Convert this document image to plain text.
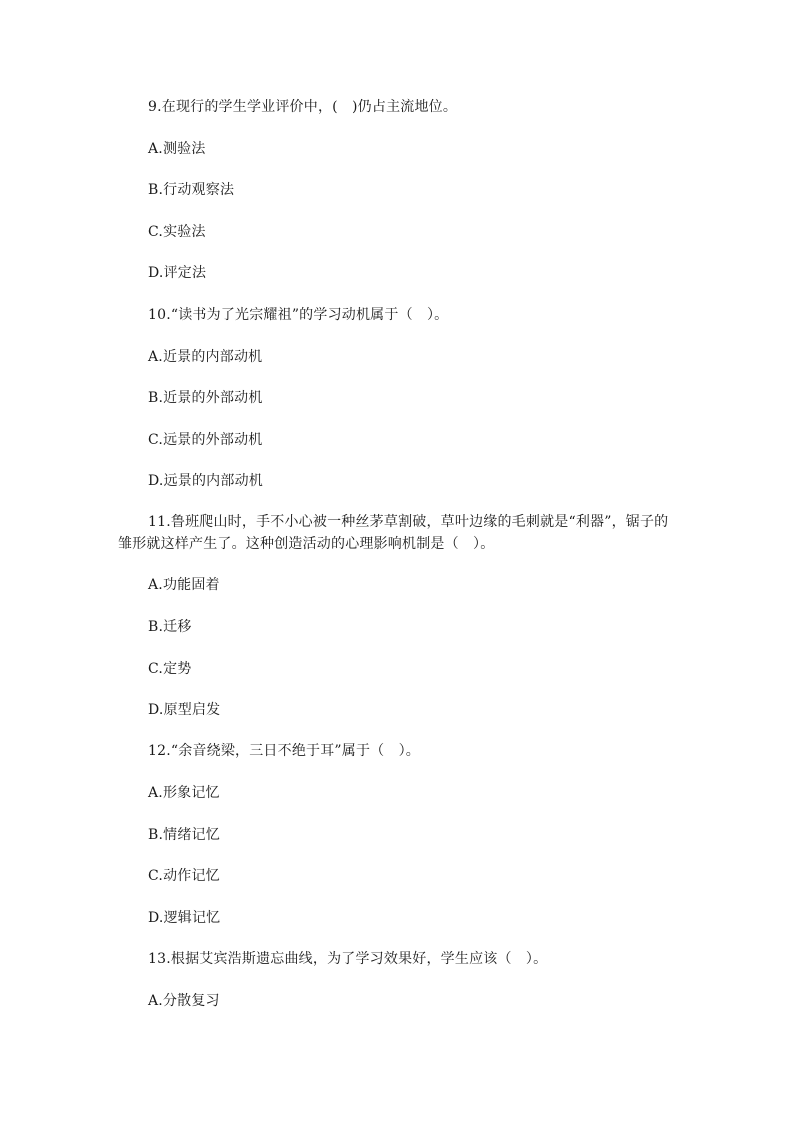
9.在现行的学生学业评价中，(　)仍占主流地位。
A.测验法
B.行动观察法
C.实验法
D.评定法
10.“读书为了光宗耀祖”的学习动机属于（　）。
A.近景的内部动机
B.近景的外部动机
C.远景的外部动机
D.远景的内部动机
11.鲁班爬山时，手不小心被一种丝茅草割破，草叶边缘的毛刺就是“利器”，锯子的
雏形就这样产生了。这种创造活动的心理影响机制是（　）。
A.功能固着
B.迁移
C.定势
D.原型启发
12.“余音绕梁，三日不绝于耳”属于（　）。
A.形象记忆
B.情绪记忆
C.动作记忆
D.逻辑记忆
13.根据艾宾浩斯遗忘曲线，为了学习效果好，学生应该（　）。
A.分散复习
